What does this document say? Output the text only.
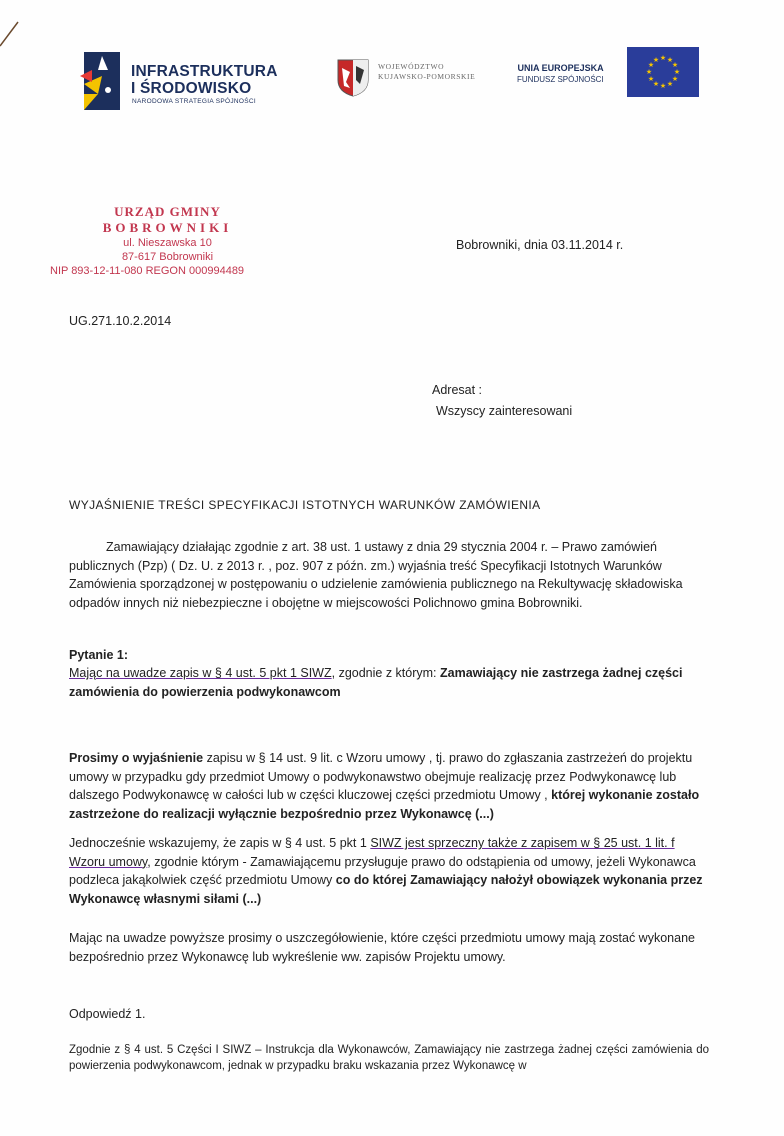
INFRASTRUKTURA
I ŚRODOWISKO
NARODOWA STRATEGIA SPÓJNOŚCI
WOJEWÓDZTWO
KUJAWSKO-POMORSKIE
UNIA EUROPEJSKA
FUNDUSZ SPÓJNOŚCI
★ ★
★
★
★
★
★
★
★
★
★
★
URZĄD GMINY
BOBROWNIKI
ul. Nieszawska 10
87-617 Bobrowniki
NIP 893-12-11-080 REGON 000994489
Bobrowniki, dnia 03.11.2014 r.
UG.271.10.2.2014
Adresat :
Wszyscy zainteresowani
WYJAŚNIENIE TREŚCI SPECYFIKACJI ISTOTNYCH WARUNKÓW ZAMÓWIENIA
Zamawiający działając zgodnie z art. 38 ust. 1 ustawy z dnia 29 stycznia 2004 r. – Prawo zamówień publicznych (Pzp) ( Dz. U. z 2013 r. , poz. 907 z późn. zm.) wyjaśnia treść Specyfikacji Istotnych Warunków Zamówienia sporządzonej w postępowaniu o udzielenie zamówienia publicznego na Rekultywację składowiska odpadów innych niż niebezpieczne i obojętne w miejscowości Polichnowo gmina Bobrowniki.
Pytanie 1:
Mając na uwadze zapis w § 4 ust. 5 pkt 1 SIWZ, zgodnie z którym: Zamawiający nie zastrzega żadnej części zamówienia do powierzenia podwykonawcom
Prosimy o wyjaśnienie zapisu w § 14 ust. 9 lit. c Wzoru umowy , tj. prawo do zgłaszania zastrzeżeń do projektu umowy w przypadku gdy przedmiot Umowy o podwykonawstwo obejmuje realizację przez Podwykonawcę lub dalszego Podwykonawcę w całości lub w części kluczowej części przedmiotu Umowy , której wykonanie zostało zastrzeżone do realizacji wyłącznie bezpośrednio przez Wykonawcę (...)
Jednocześnie wskazujemy, że zapis w § 4 ust. 5 pkt 1 SIWZ jest sprzeczny także z zapisem w § 25 ust. 1 lit. f Wzoru umowy, zgodnie którym - Zamawiającemu przysługuje prawo do odstąpienia od umowy, jeżeli Wykonawca podzleca jakąkolwiek część przedmiotu Umowy co do której Zamawiający nałożył obowiązek wykonania przez Wykonawcę własnymi siłami (...)
Mając na uwadze powyższe prosimy o uszczegółowienie, które części przedmiotu umowy mają zostać wykonane bezpośrednio przez Wykonawcę lub wykreślenie ww. zapisów Projektu umowy.
Odpowiedź 1.
Zgodnie z § 4 ust. 5 Części I SIWZ – Instrukcja dla Wykonawców, Zamawiający nie zastrzega żadnej części zamówienia do powierzenia podwykonawcom, jednak w przypadku braku wskazania przez Wykonawcę w
